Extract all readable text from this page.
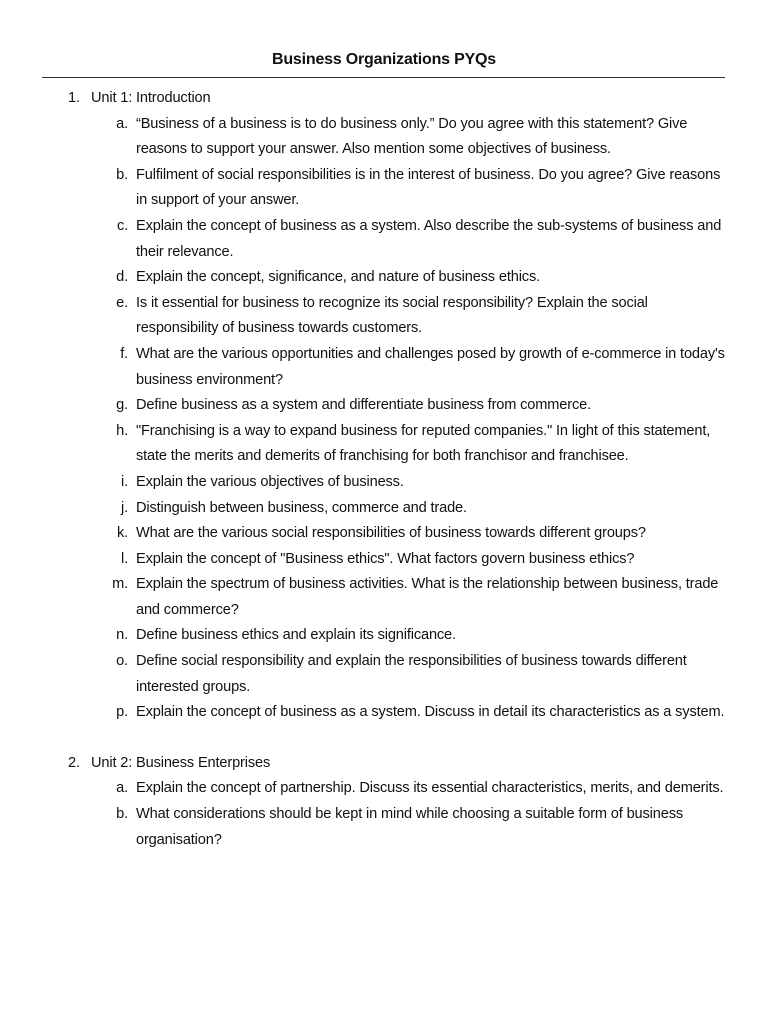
Business Organizations PYQs
1. Unit 1: Introduction
a. “Business of a business is to do business only.” Do you agree with this statement? Give reasons to support your answer. Also mention some objectives of business.
b. Fulfilment of social responsibilities is in the interest of business. Do you agree? Give reasons in support of your answer.
c. Explain the concept of business as a system. Also describe the sub-systems of business and their relevance.
d. Explain the concept, significance, and nature of business ethics.
e. Is it essential for business to recognize its social responsibility? Explain the social responsibility of business towards customers.
f. What are the various opportunities and challenges posed by growth of e-commerce in today's business environment?
g. Define business as a system and differentiate business from commerce.
h. "Franchising is a way to expand business for reputed companies." In light of this statement, state the merits and demerits of franchising for both franchisor and franchisee.
i. Explain the various objectives of business.
j. Distinguish between business, commerce and trade.
k. What are the various social responsibilities of business towards different groups?
l. Explain the concept of "Business ethics". What factors govern business ethics?
m. Explain the spectrum of business activities. What is the relationship between business, trade and commerce?
n. Define business ethics and explain its significance.
o. Define social responsibility and explain the responsibilities of business towards different interested groups.
p. Explain the concept of business as a system. Discuss in detail its characteristics as a system.
2. Unit 2: Business Enterprises
a. Explain the concept of partnership. Discuss its essential characteristics, merits, and demerits.
b. What considerations should be kept in mind while choosing a suitable form of business organisation?
